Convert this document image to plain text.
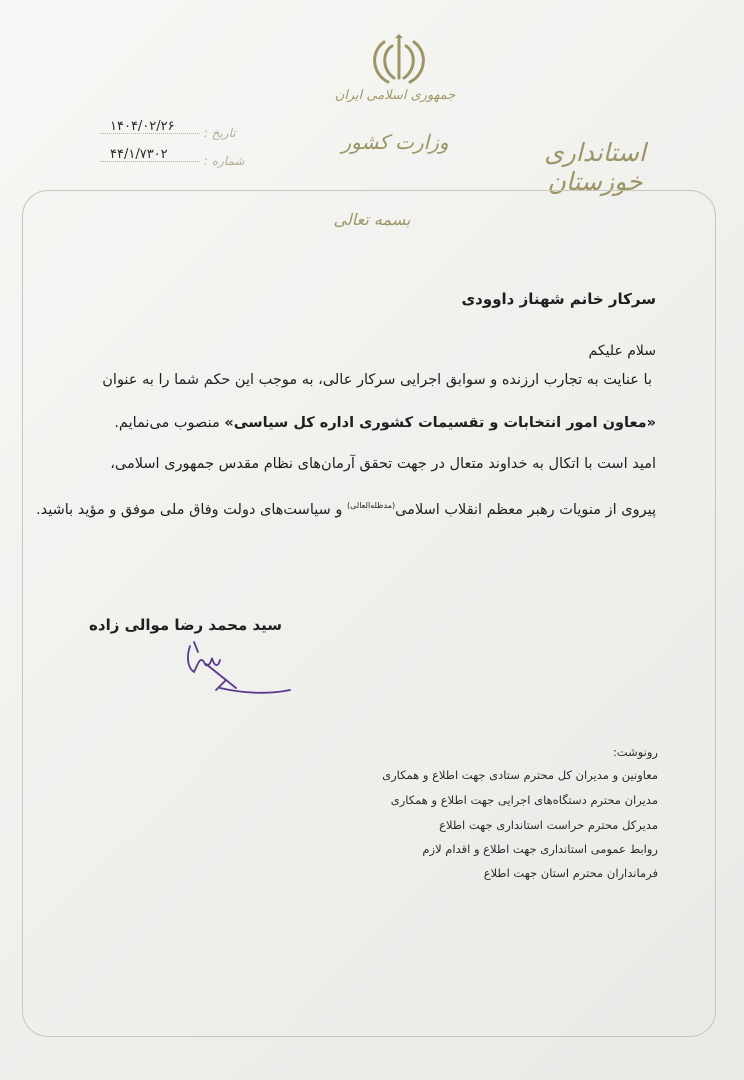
جمهوری اسلامی ایران
وزارت کشور	استانداری خوزستان
تاریخ :
۱۴۰۴/۰۲/۲۶
شماره :
۴۴/۱/۷۳۰۲
بسمه تعالی
سرکار خانم شهناز داوودی
سلام علیکم
با عنایت به تجارب ارزنده و سوابق اجرایی سرکار عالی، به موجب این حکم شما را به عنوان
«معاون امور انتخابات و تقسیمات کشوری اداره کل سیاسی» منصوب می‌نمایم.
امید است با اتکال به خداوند متعال در جهت تحقق آرمان‌های نظام مقدس جمهوری اسلامی،
پیروی از منویات رهبر معظم انقلاب اسلامی$^{(مدظله‌العالی)}$ و سیاست‌های دولت وفاق ملی موفق و مؤید باشید.
سید محمد رضا موالی زاده
رونوشت:
معاونین و مدیران کل محترم ستادی جهت اطلاع و همکاری
مدیران محترم دستگاه‌های اجرایی جهت اطلاع و همکاری
مدیرکل محترم حراست استانداری جهت اطلاع
روابط عمومی استانداری جهت اطلاع و اقدام لازم
فرمانداران محترم استان جهت اطلاع
